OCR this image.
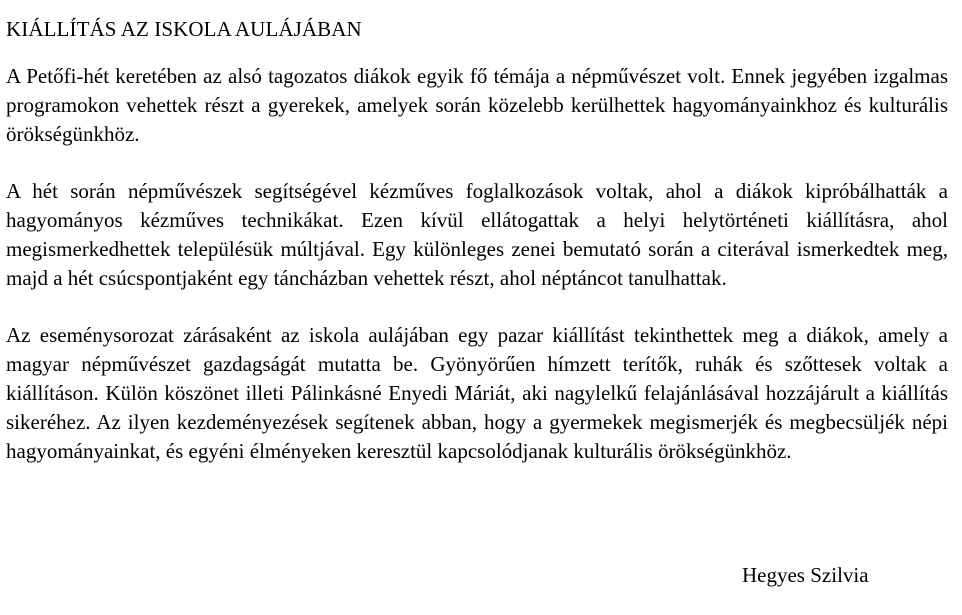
KIÁLLÍTÁS AZ ISKOLA AULÁJÁBAN

A Petőfi-hét keretében az alsó tagozatos diákok egyik fő témája a népművészet volt. Ennek jegyében izgalmas programokon vehettek részt a gyerekek, amelyek során közelebb kerülhettek hagyományainkhoz és kulturális örökségünkhöz.

A hét során népművészek segítségével kézműves foglalkozások voltak, ahol a diákok kipróbálhatták a hagyományos kézműves technikákat. Ezen kívül ellátogattak a helyi helytörténeti kiállításra, ahol megismerkedhettek településük múltjával. Egy különleges zenei bemutató során a citerával ismerkedtek meg, majd a hét csúcspontjaként egy táncházban vehettek részt, ahol néptáncot tanulhattak.

Az eseménysorozat zárásaként az iskola aulájában egy pazar kiállítást tekinthettek meg a diákok, amely a magyar népművészet gazdagságát mutatta be. Gyönyörűen hímzett terítők, ruhák és szőttesek voltak a kiállításon. Külön köszönet illeti Pálinkásné Enyedi Máriát, aki nagylelkű felajánlásával hozzájárult a kiállítás sikeréhez. Az ilyen kezdeményezések segítenek abban, hogy a gyermekek megismerjék és megbecsüljék népi hagyományainkat, és egyéni élményeken keresztül kapcsolódjanak kulturális örökségünkhöz.

Hegyes Szilvia
